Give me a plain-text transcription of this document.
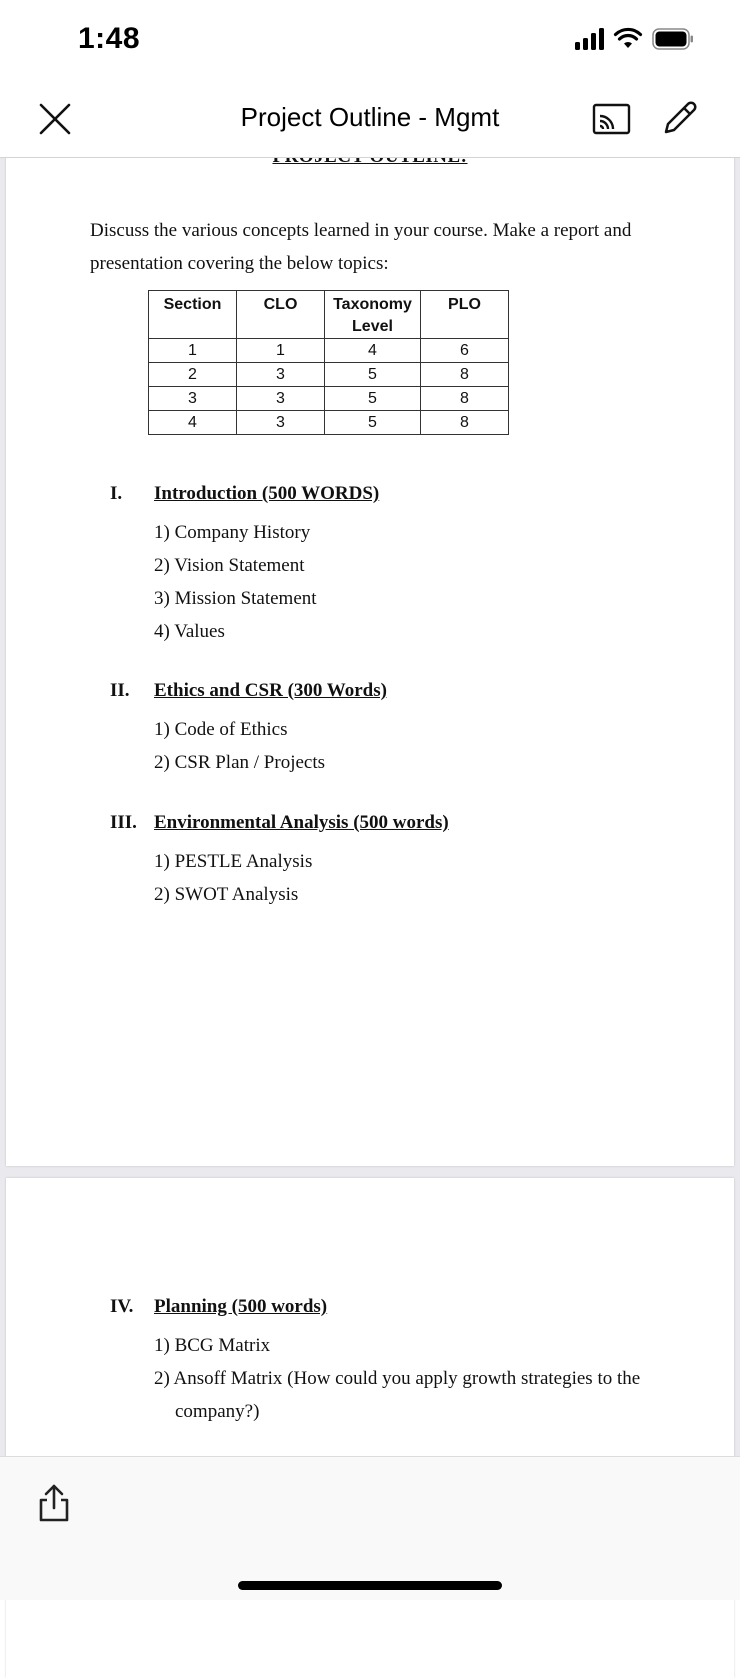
1:48
Project Outline - Mgmt
Discuss the various concepts learned in your course. Make a report and presentation covering the below topics:
Section	CLO	Taxonomy Level	PLO
1	1	4	6
2	3	5	8
3	3	5	8
4	3	5	8
I. Introduction (500 WORDS)
1) Company History
2) Vision Statement
3) Mission Statement
4) Values
II. Ethics and CSR (300 Words)
1) Code of Ethics
2) CSR Plan / Projects
III. Environmental Analysis (500 words)
1) PESTLE Analysis
2) SWOT Analysis
IV. Planning (500 words)
1) BCG Matrix
2) Ansoff Matrix (How could you apply growth strategies to the company?)
